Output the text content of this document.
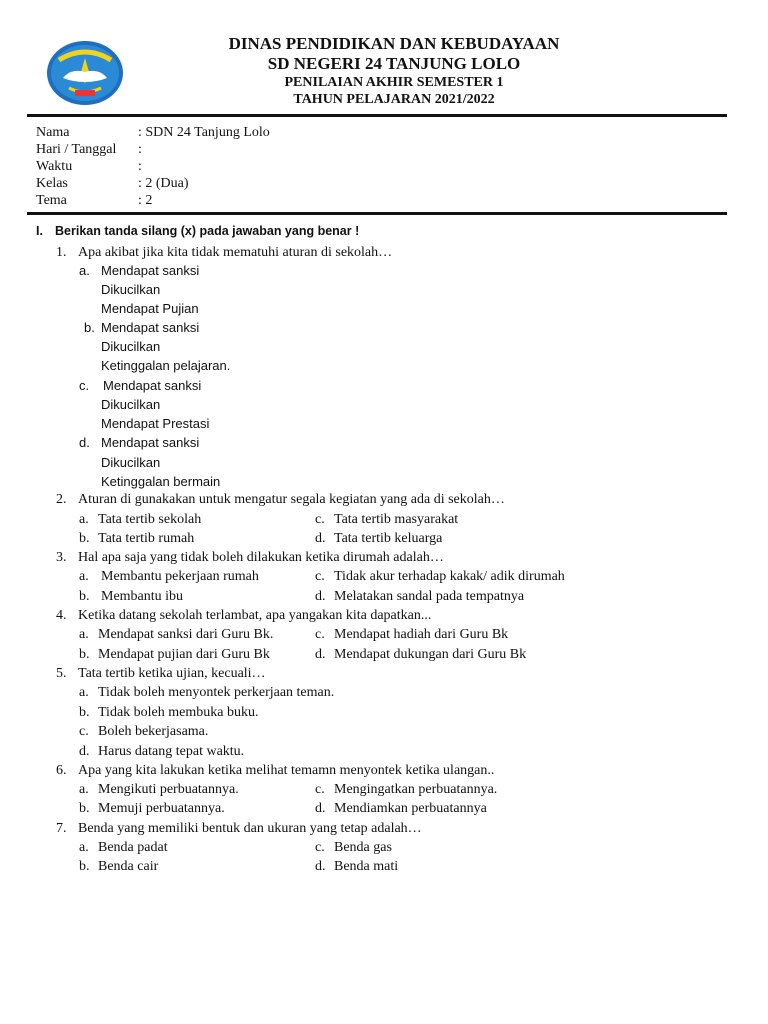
DINAS PENDIDIKAN DAN KEBUDAYAAN
SD NEGERI 24 TANJUNG LOLO
PENILAIAN AKHIR SEMESTER 1
TAHUN PELAJARAN 2021/2022
Nama	: SDN 24 Tanjung Lolo
Hari / Tanggal :
Waktu	:
Kelas	: 2 (Dua)
Tema	: 2
I. Berikan tanda silang (x) pada jawaban yang benar !
1. Apa akibat jika kita tidak mematuhi aturan di sekolah…
a. Mendapat sanksi
Dikucilkan
Mendapat Pujian
b. Mendapat sanksi
Dikucilkan
Ketinggalan pelajaran.
c. Mendapat sanksi
Dikucilkan
Mendapat Prestasi
d. Mendapat sanksi
Dikucilkan
Ketinggalan bermain
2. Aturan di gunakakan untuk mengatur segala kegiatan yang ada di sekolah…
a. Tata tertib sekolah	c. Tata tertib masyarakat
b. Tata tertib rumah	d. Tata tertib keluarga
3. Hal apa saja yang tidak boleh dilakukan ketika dirumah adalah…
a. Membantu pekerjaan rumah	c. Tidak akur terhadap kakak/ adik dirumah
b. Membantu ibu	d. Melatakan sandal pada tempatnya
4. Ketika datang sekolah terlambat, apa yangakan kita dapatkan...
a. Mendapat sanksi dari Guru Bk.	c. Mendapat hadiah dari Guru Bk
b. Mendapat pujian dari Guru Bk	d. Mendapat dukungan dari Guru Bk
5. Tata tertib ketika ujian, kecuali…
a. Tidak boleh menyontek perkerjaan teman.
b. Tidak boleh membuka buku.
c. Boleh bekerjasama.
d. Harus datang tepat waktu.
6. Apa yang kita lakukan ketika melihat temamn menyontek ketika ulangan..
a. Mengikuti perbuatannya.	c. Mengingatkan perbuatannya.
b. Memuji perbuatannya.	d. Mendiamkan perbuatannya
7. Benda yang memiliki bentuk dan ukuran yang tetap adalah…
a. Benda padat	c. Benda gas
b. Benda cair	d. Benda mati
